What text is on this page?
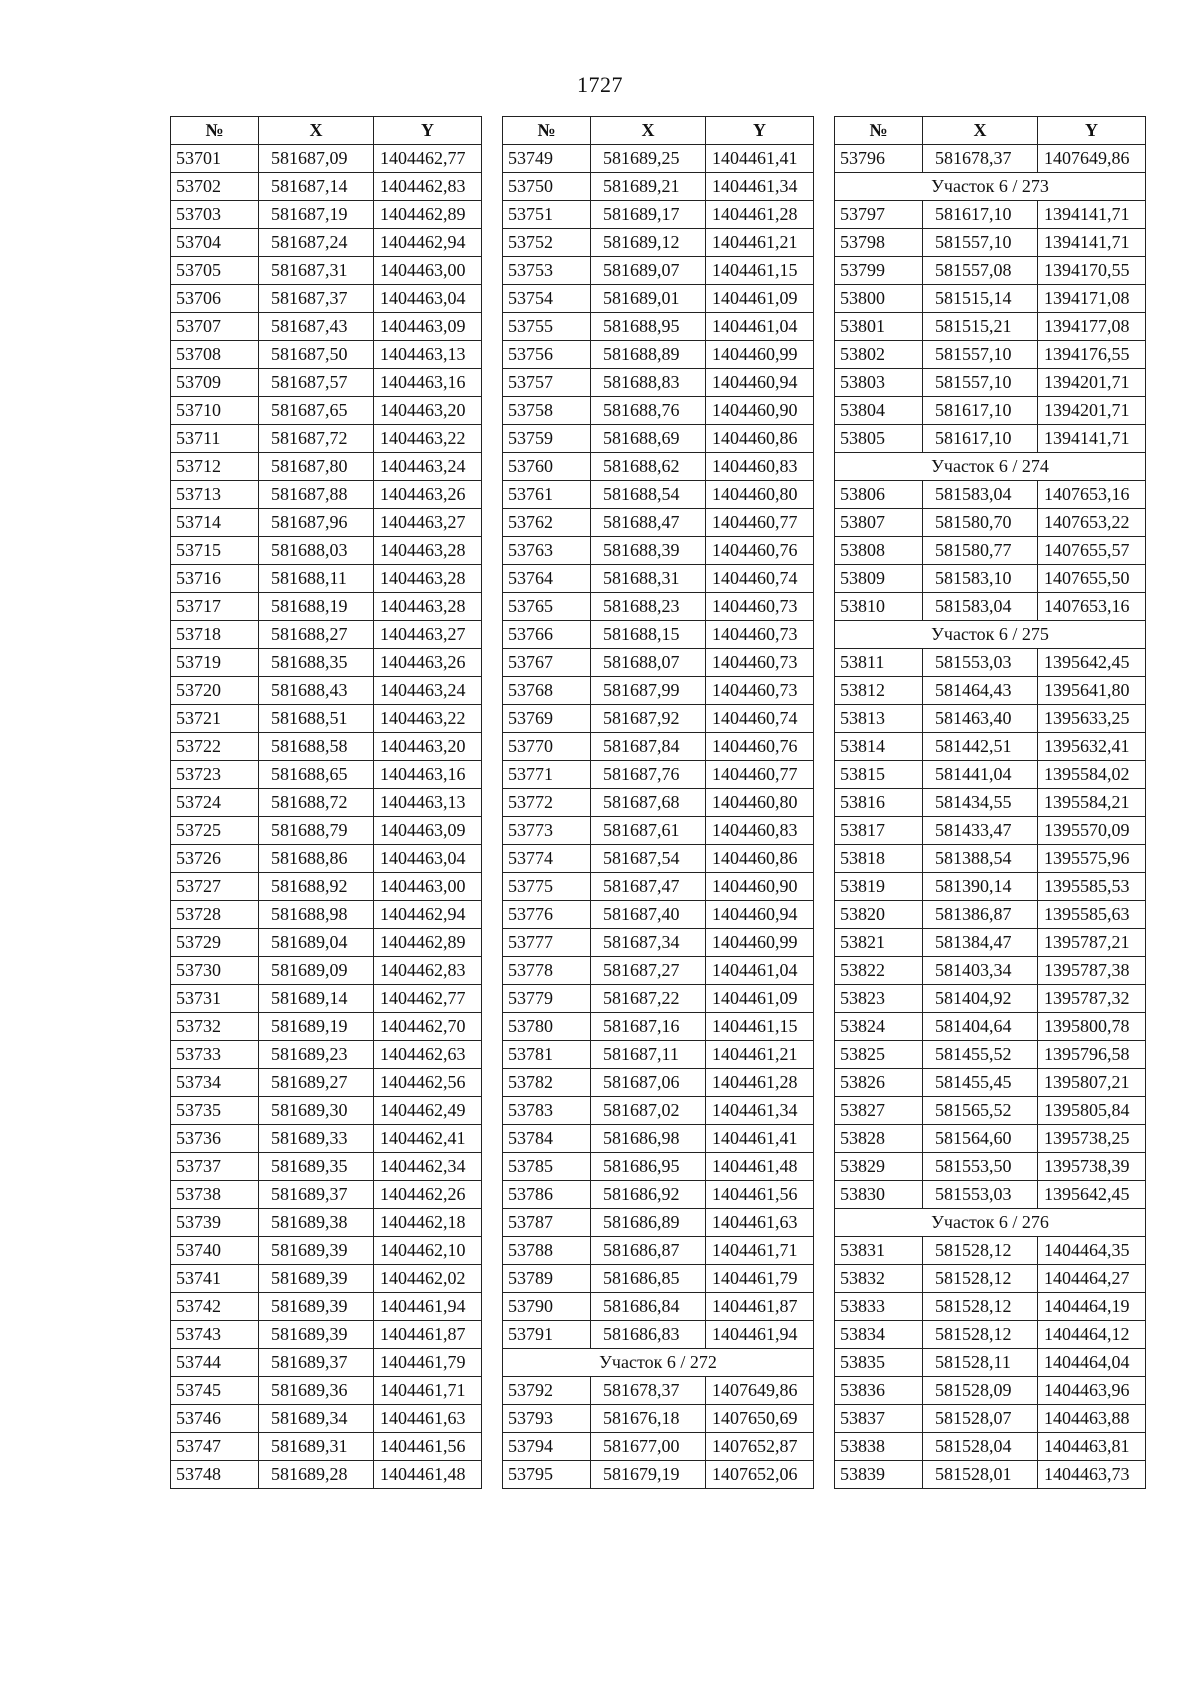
1727
№	X	Y
53701	581687,09	1404462,77
53702	581687,14	1404462,83
53703	581687,19	1404462,89
53704	581687,24	1404462,94
53705	581687,31	1404463,00
53706	581687,37	1404463,04
53707	581687,43	1404463,09
53708	581687,50	1404463,13
53709	581687,57	1404463,16
53710	581687,65	1404463,20
53711	581687,72	1404463,22
53712	581687,80	1404463,24
53713	581687,88	1404463,26
53714	581687,96	1404463,27
53715	581688,03	1404463,28
53716	581688,11	1404463,28
53717	581688,19	1404463,28
53718	581688,27	1404463,27
53719	581688,35	1404463,26
53720	581688,43	1404463,24
53721	581688,51	1404463,22
53722	581688,58	1404463,20
53723	581688,65	1404463,16
53724	581688,72	1404463,13
53725	581688,79	1404463,09
53726	581688,86	1404463,04
53727	581688,92	1404463,00
53728	581688,98	1404462,94
53729	581689,04	1404462,89
53730	581689,09	1404462,83
53731	581689,14	1404462,77
53732	581689,19	1404462,70
53733	581689,23	1404462,63
53734	581689,27	1404462,56
53735	581689,30	1404462,49
53736	581689,33	1404462,41
53737	581689,35	1404462,34
53738	581689,37	1404462,26
53739	581689,38	1404462,18
53740	581689,39	1404462,10
53741	581689,39	1404462,02
53742	581689,39	1404461,94
53743	581689,39	1404461,87
53744	581689,37	1404461,79
53745	581689,36	1404461,71
53746	581689,34	1404461,63
53747	581689,31	1404461,56
53748	581689,28	1404461,48
№	X	Y
53749	581689,25	1404461,41
53750	581689,21	1404461,34
53751	581689,17	1404461,28
53752	581689,12	1404461,21
53753	581689,07	1404461,15
53754	581689,01	1404461,09
53755	581688,95	1404461,04
53756	581688,89	1404460,99
53757	581688,83	1404460,94
53758	581688,76	1404460,90
53759	581688,69	1404460,86
53760	581688,62	1404460,83
53761	581688,54	1404460,80
53762	581688,47	1404460,77
53763	581688,39	1404460,76
53764	581688,31	1404460,74
53765	581688,23	1404460,73
53766	581688,15	1404460,73
53767	581688,07	1404460,73
53768	581687,99	1404460,73
53769	581687,92	1404460,74
53770	581687,84	1404460,76
53771	581687,76	1404460,77
53772	581687,68	1404460,80
53773	581687,61	1404460,83
53774	581687,54	1404460,86
53775	581687,47	1404460,90
53776	581687,40	1404460,94
53777	581687,34	1404460,99
53778	581687,27	1404461,04
53779	581687,22	1404461,09
53780	581687,16	1404461,15
53781	581687,11	1404461,21
53782	581687,06	1404461,28
53783	581687,02	1404461,34
53784	581686,98	1404461,41
53785	581686,95	1404461,48
53786	581686,92	1404461,56
53787	581686,89	1404461,63
53788	581686,87	1404461,71
53789	581686,85	1404461,79
53790	581686,84	1404461,87
53791	581686,83	1404461,94
Участок 6 / 272		
53792	581678,37	1407649,86
53793	581676,18	1407650,69
53794	581677,00	1407652,87
53795	581679,19	1407652,06
№	X	Y
53796	581678,37	1407649,86
Участок 6 / 273		
53797	581617,10	1394141,71
53798	581557,10	1394141,71
53799	581557,08	1394170,55
53800	581515,14	1394171,08
53801	581515,21	1394177,08
53802	581557,10	1394176,55
53803	581557,10	1394201,71
53804	581617,10	1394201,71
53805	581617,10	1394141,71
Участок 6 / 274		
53806	581583,04	1407653,16
53807	581580,70	1407653,22
53808	581580,77	1407655,57
53809	581583,10	1407655,50
53810	581583,04	1407653,16
Участок 6 / 275		
53811	581553,03	1395642,45
53812	581464,43	1395641,80
53813	581463,40	1395633,25
53814	581442,51	1395632,41
53815	581441,04	1395584,02
53816	581434,55	1395584,21
53817	581433,47	1395570,09
53818	581388,54	1395575,96
53819	581390,14	1395585,53
53820	581386,87	1395585,63
53821	581384,47	1395787,21
53822	581403,34	1395787,38
53823	581404,92	1395787,32
53824	581404,64	1395800,78
53825	581455,52	1395796,58
53826	581455,45	1395807,21
53827	581565,52	1395805,84
53828	581564,60	1395738,25
53829	581553,50	1395738,39
53830	581553,03	1395642,45
Участок 6 / 276		
53831	581528,12	1404464,35
53832	581528,12	1404464,27
53833	581528,12	1404464,19
53834	581528,12	1404464,12
53835	581528,11	1404464,04
53836	581528,09	1404463,96
53837	581528,07	1404463,88
53838	581528,04	1404463,81
53839	581528,01	1404463,73
